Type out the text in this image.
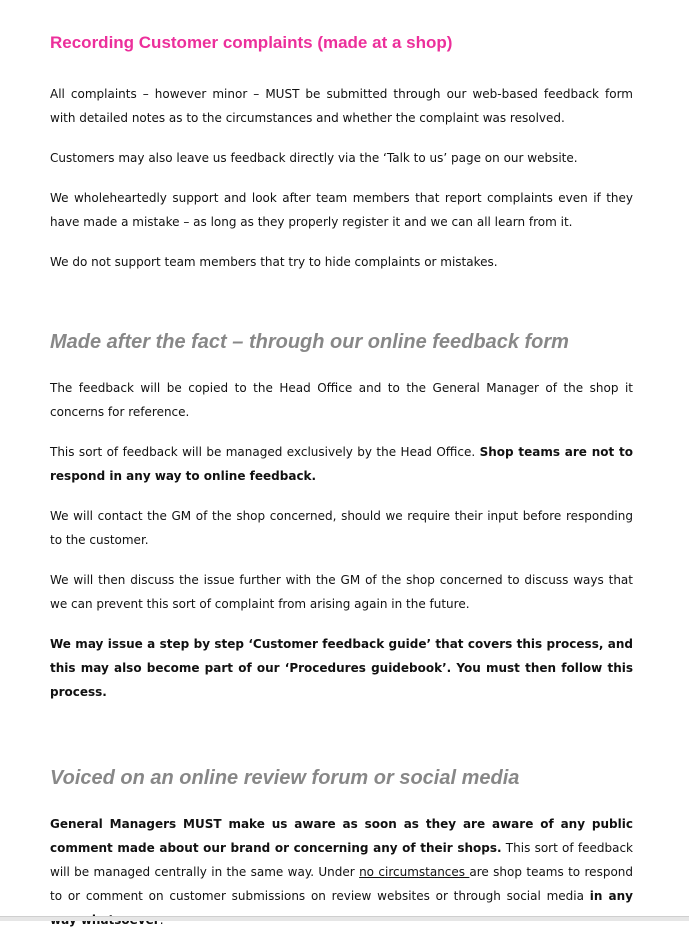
Recording Customer complaints (made at a shop)

All complaints – however minor – MUST be submitted through our web-based feedback form with detailed notes as to the circumstances and whether the complaint was resolved.

Customers may also leave us feedback directly via the ‘Talk to us’ page on our website.

We wholeheartedly support and look after team members that report complaints even if they have made a mistake – as long as they properly register it and we can all learn from it.

We do not support team members that try to hide complaints or mistakes.

Made after the fact – through our online feedback form

The feedback will be copied to the Head Office and to the General Manager of the shop it concerns for reference.

This sort of feedback will be managed exclusively by the Head Office. Shop teams are not to respond in any way to online feedback.

We will contact the GM of the shop concerned, should we require their input before responding to the customer.

We will then discuss the issue further with the GM of the shop concerned to discuss ways that we can prevent this sort of complaint from arising again in the future.

We may issue a step by step ‘Customer feedback guide’ that covers this process, and this may also become part of our ‘Procedures guidebook’. You must then follow this process.

Voiced on an online review forum or social media

General Managers MUST make us aware as soon as they are aware of any public comment made about our brand or concerning any of their shops. This sort of feedback will be managed centrally in the same way. Under no circumstances are shop teams to respond to or comment on customer submissions on review websites or through social media in any
